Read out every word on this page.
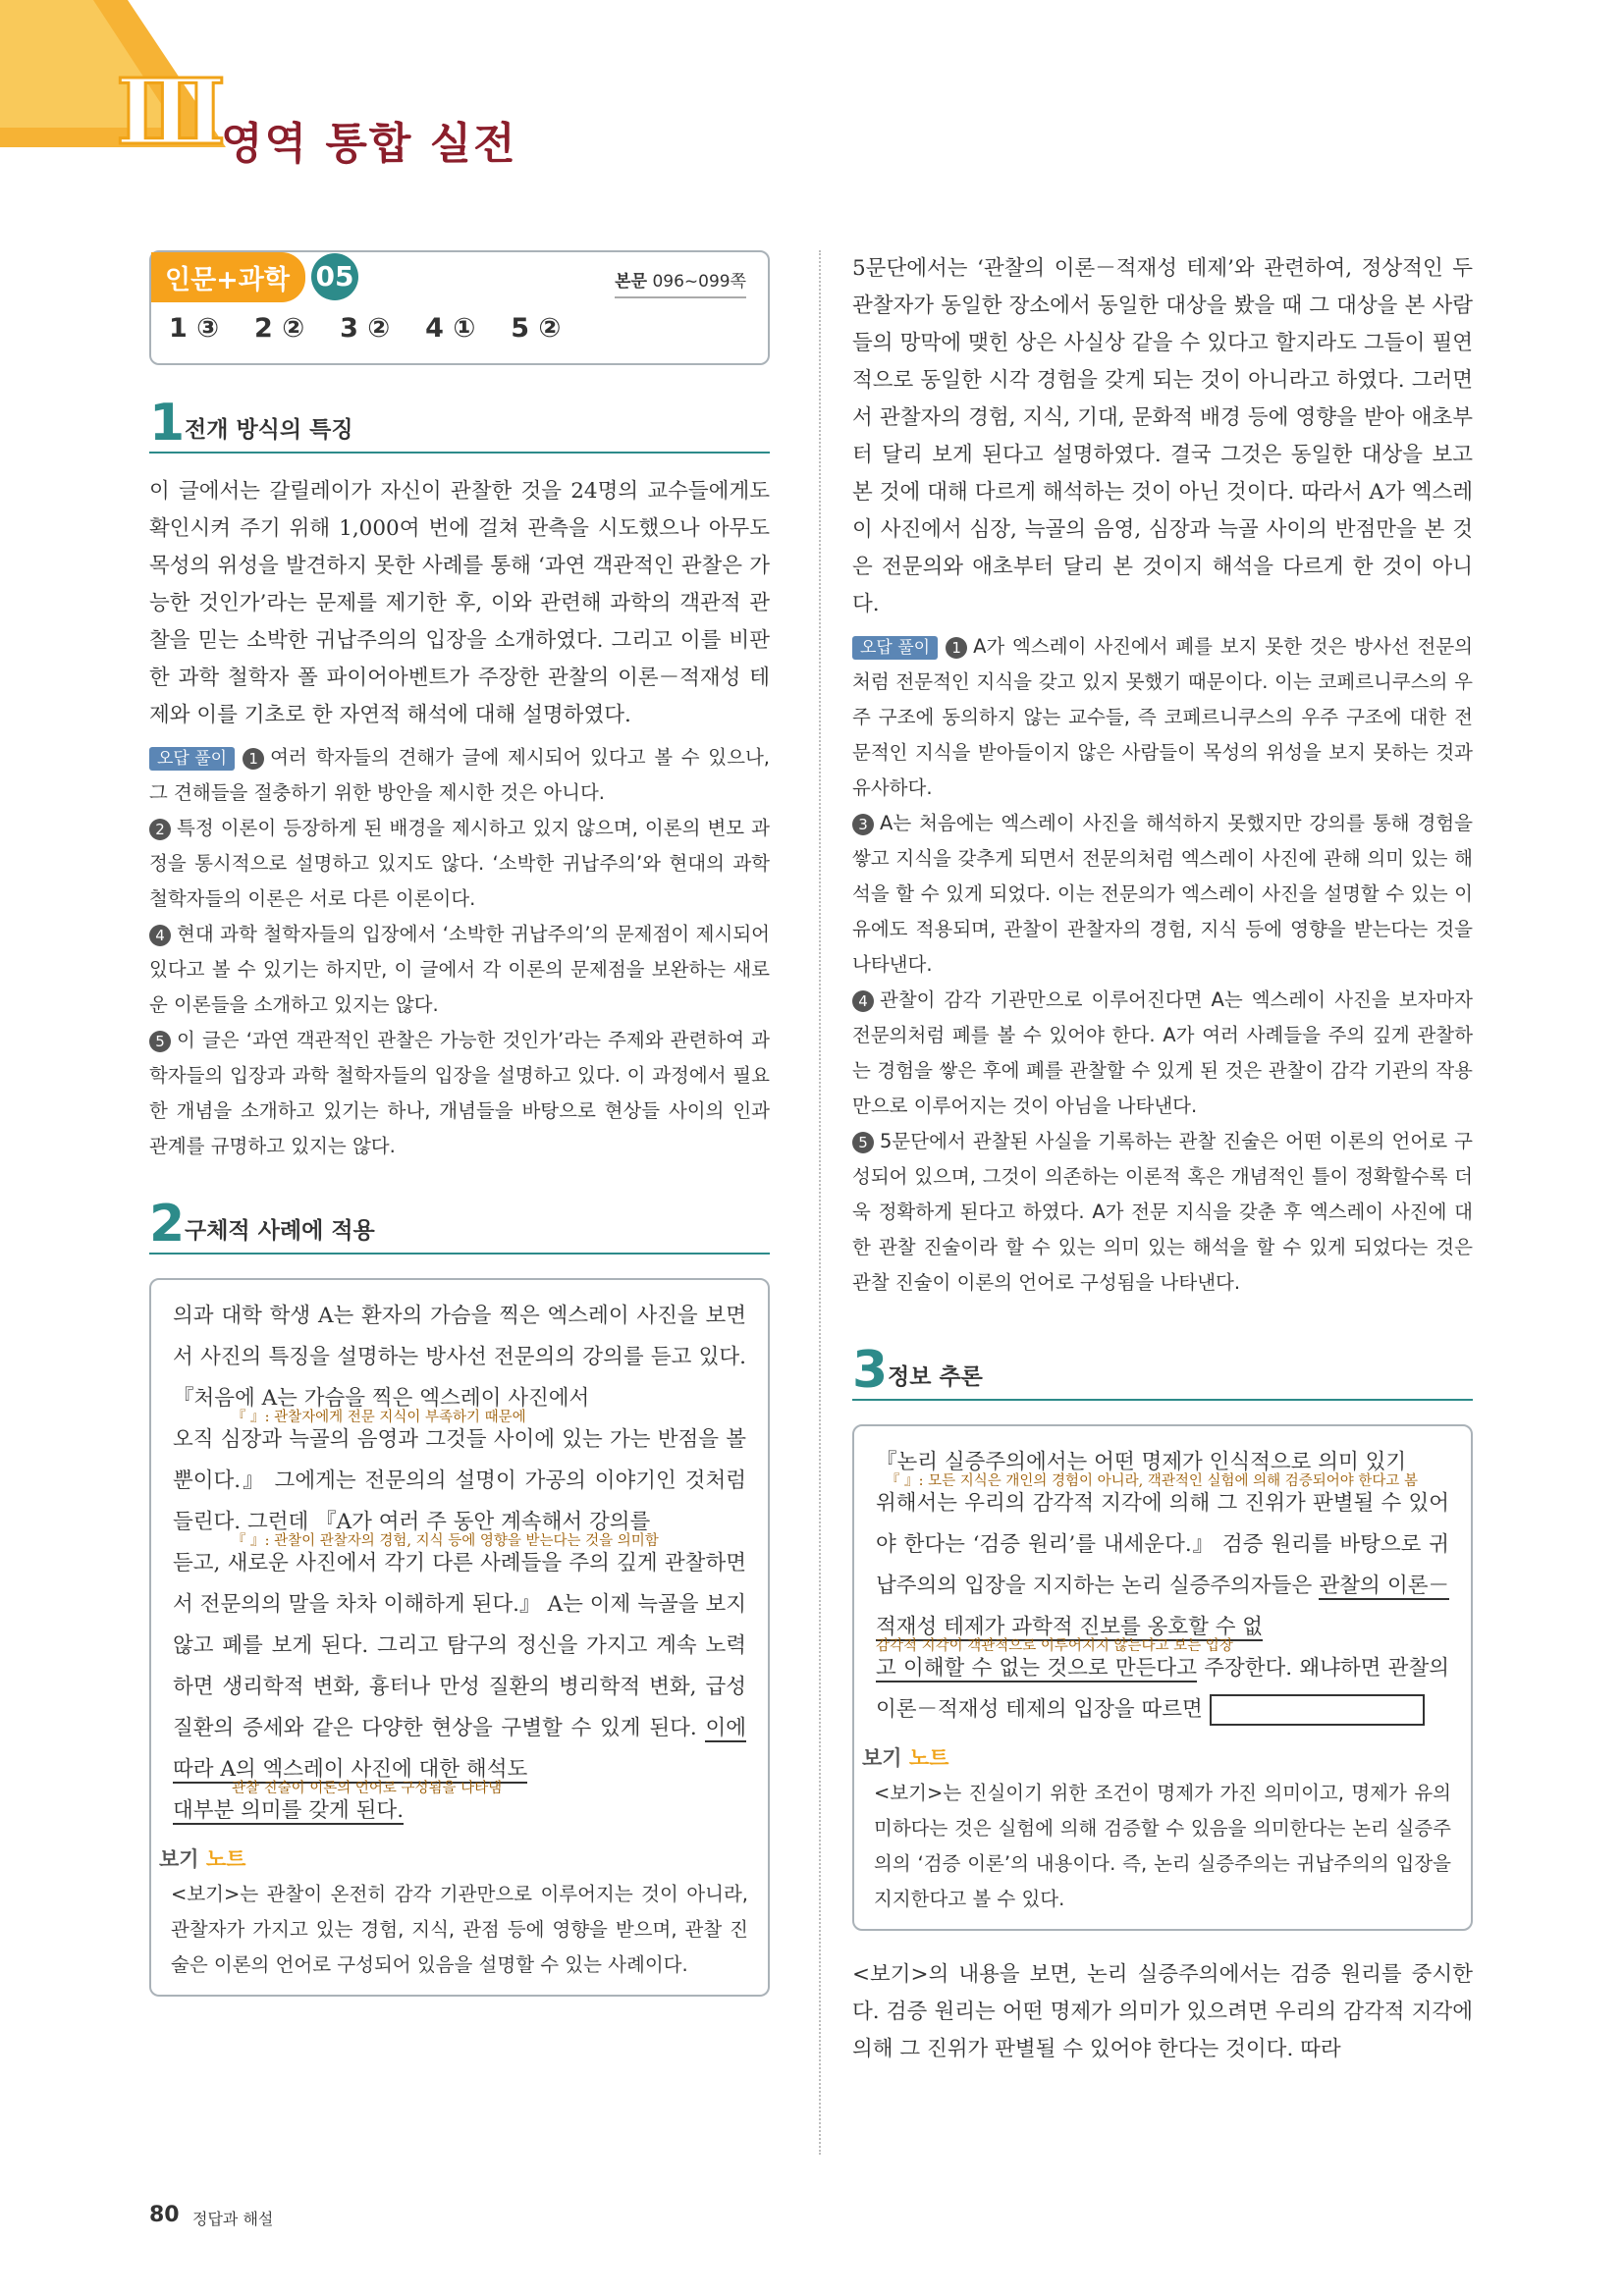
Ⅲ
영역 통합 실전
인문+과학 05	본문 096~099쪽
1 ③ 2 ② 3 ② 4 ① 5 ②
1 전개 방식의 특징

이 글에서는 갈릴레이가 자신이 관찰한 것을 24명의 교수들에게도 확인시켜 주기 위해 1,000여 번에 걸쳐 관측을 시도했으나 아무도 목성의 위성을 발견하지 못한 사례를 통해 ‘과연 객관적인 관찰은 가능한 것인가’라는 문제를 제기한 후, 이와 관련해 과학의 객관적 관찰을 믿는 소박한 귀납주의의 입장을 소개하였다. 그리고 이를 비판한 과학 철학자 폴 파이어아벤트가 주장한 관찰의 이론－적재성 테제와 이를 기초로 한 자연적 해석에 대해 설명하였다.

오답 풀이 1 여러 학자들의 견해가 글에 제시되어 있다고 볼 수 있으나, 그 견해들을 절충하기 위한 방안을 제시한 것은 아니다.

2 특정 이론이 등장하게 된 배경을 제시하고 있지 않으며, 이론의 변모 과정을 통시적으로 설명하고 있지도 않다. ‘소박한 귀납주의’와 현대의 과학 철학자들의 이론은 서로 다른 이론이다.

4 현대 과학 철학자들의 입장에서 ‘소박한 귀납주의’의 문제점이 제시되어 있다고 볼 수 있기는 하지만, 이 글에서 각 이론의 문제점을 보완하는 새로운 이론들을 소개하고 있지는 않다.

5 이 글은 ‘과연 객관적인 관찰은 가능한 것인가’라는 주제와 관련하여 과학자들의 입장과 과학 철학자들의 입장을 설명하고 있다. 이 과정에서 필요한 개념을 소개하고 있기는 하나, 개념들을 바탕으로 현상들 사이의 인과 관계를 규명하고 있지는 않다.

2 구체적 사례에 적용

의과 대학 학생 A는 환자의 가슴을 찍은 엑스레이 사진을 보면서 사진의 특징을 설명하는 방사선 전문의의 강의를 듣고 있다. 『처음에 A는 가슴을 찍은 엑스레이 사진에서
『 』: 관찰자에게 전문 지식이 부족하기 때문에
오직 심장과 늑골의 음영과 그것들 사이에 있는 가는 반점을 볼 뿐이다.』 그에게는 전문의의 설명이 가공의 이야기인 것처럼 들린다. 그런데 『A가 여러 주 동안 계속해서 강의를
『 』: 관찰이 관찰자의 경험, 지식 등에 영향을 받는다는 것을 의미함
듣고, 새로운 사진에서 각기 다른 사례들을 주의 깊게 관찰하면서 전문의의 말을 차차 이해하게 된다.』 A는 이제 늑골을 보지 않고 폐를 보게 된다. 그리고 탐구의 정신을 가지고 계속 노력하면 생리학적 변화, 흉터나 만성 질환의 병리학적 변화, 급성 질환의 증세와 같은 다양한 현상을 구별할 수 있게 된다. 이에 따라 A의 엑스레이 사진에 대한 해석도
관찰 진술이 이론의 언어로 구성됨을 나타냄
대부분 의미를 갖게 된다.

보기 노트

<보기>는 관찰이 온전히 감각 기관만으로 이루어지는 것이 아니라, 관찰자가 가지고 있는 경험, 지식, 관점 등에 영향을 받으며, 관찰 진술은 이론의 언어로 구성되어 있음을 설명할 수 있는 사례이다.

5문단에서는 ‘관찰의 이론－적재성 테제’와 관련하여, 정상적인 두 관찰자가 동일한 장소에서 동일한 대상을 봤을 때 그 대상을 본 사람들의 망막에 맺힌 상은 사실상 같을 수 있다고 할지라도 그들이 필연적으로 동일한 시각 경험을 갖게 되는 것이 아니라고 하였다. 그러면서 관찰자의 경험, 지식, 기대, 문화적 배경 등에 영향을 받아 애초부터 달리 보게 된다고 설명하였다. 결국 그것은 동일한 대상을 보고 본 것에 대해 다르게 해석하는 것이 아닌 것이다. 따라서 A가 엑스레이 사진에서 심장, 늑골의 음영, 심장과 늑골 사이의 반점만을 본 것은 전문의와 애초부터 달리 본 것이지 해석을 다르게 한 것이 아니다.

오답 풀이 1 A가 엑스레이 사진에서 폐를 보지 못한 것은 방사선 전문의처럼 전문적인 지식을 갖고 있지 못했기 때문이다. 이는 코페르니쿠스의 우주 구조에 동의하지 않는 교수들, 즉 코페르니쿠스의 우주 구조에 대한 전문적인 지식을 받아들이지 않은 사람들이 목성의 위성을 보지 못하는 것과 유사하다.

3 A는 처음에는 엑스레이 사진을 해석하지 못했지만 강의를 통해 경험을 쌓고 지식을 갖추게 되면서 전문의처럼 엑스레이 사진에 관해 의미 있는 해석을 할 수 있게 되었다. 이는 전문의가 엑스레이 사진을 설명할 수 있는 이유에도 적용되며, 관찰이 관찰자의 경험, 지식 등에 영향을 받는다는 것을 나타낸다.

4 관찰이 감각 기관만으로 이루어진다면 A는 엑스레이 사진을 보자마자 전문의처럼 폐를 볼 수 있어야 한다. A가 여러 사례들을 주의 깊게 관찰하는 경험을 쌓은 후에 폐를 관찰할 수 있게 된 것은 관찰이 감각 기관의 작용만으로 이루어지는 것이 아님을 나타낸다.

5 5문단에서 관찰된 사실을 기록하는 관찰 진술은 어떤 이론의 언어로 구성되어 있으며, 그것이 의존하는 이론적 혹은 개념적인 틀이 정확할수록 더욱 정확하게 된다고 하였다. A가 전문 지식을 갖춘 후 엑스레이 사진에 대한 관찰 진술이라 할 수 있는 의미 있는 해석을 할 수 있게 되었다는 것은 관찰 진술이 이론의 언어로 구성됨을 나타낸다.

3 정보 추론

『논리 실증주의에서는 어떤 명제가 인식적으로 의미 있기
『 』: 모든 지식은 개인의 경험이 아니라, 객관적인 실험에 의해 검증되어야 한다고 봄
위해서는 우리의 감각적 지각에 의해 그 진위가 판별될 수 있어야 한다는 ‘검증 원리’를 내세운다.』 검증 원리를 바탕으로 귀납주의의 입장을 지지하는 논리 실증주의자들은 관찰의 이론－적재성 테제가 과학적 진보를 옹호할 수 없
감각적 지각이 객관적으로 이루어지지 않는다고 보는 입장
고 이해할 수 없는 것으로 만든다고 주장한다. 왜냐하면 관찰의 이론－적재성 테제의 입장을 따르면

보기 노트

<보기>는 진실이기 위한 조건이 명제가 가진 의미이고, 명제가 유의미하다는 것은 실험에 의해 검증할 수 있음을 의미한다는 논리 실증주의의 ‘검증 이론’의 내용이다. 즉, 논리 실증주의는 귀납주의의 입장을 지지한다고 볼 수 있다.

<보기>의 내용을 보면, 논리 실증주의에서는 검증 원리를 중시한다. 검증 원리는 어떤 명제가 의미가 있으려면 우리의 감각적 지각에 의해 그 진위가 판별될 수 있어야 한다는 것이다. 따라

80 정답과 해설
